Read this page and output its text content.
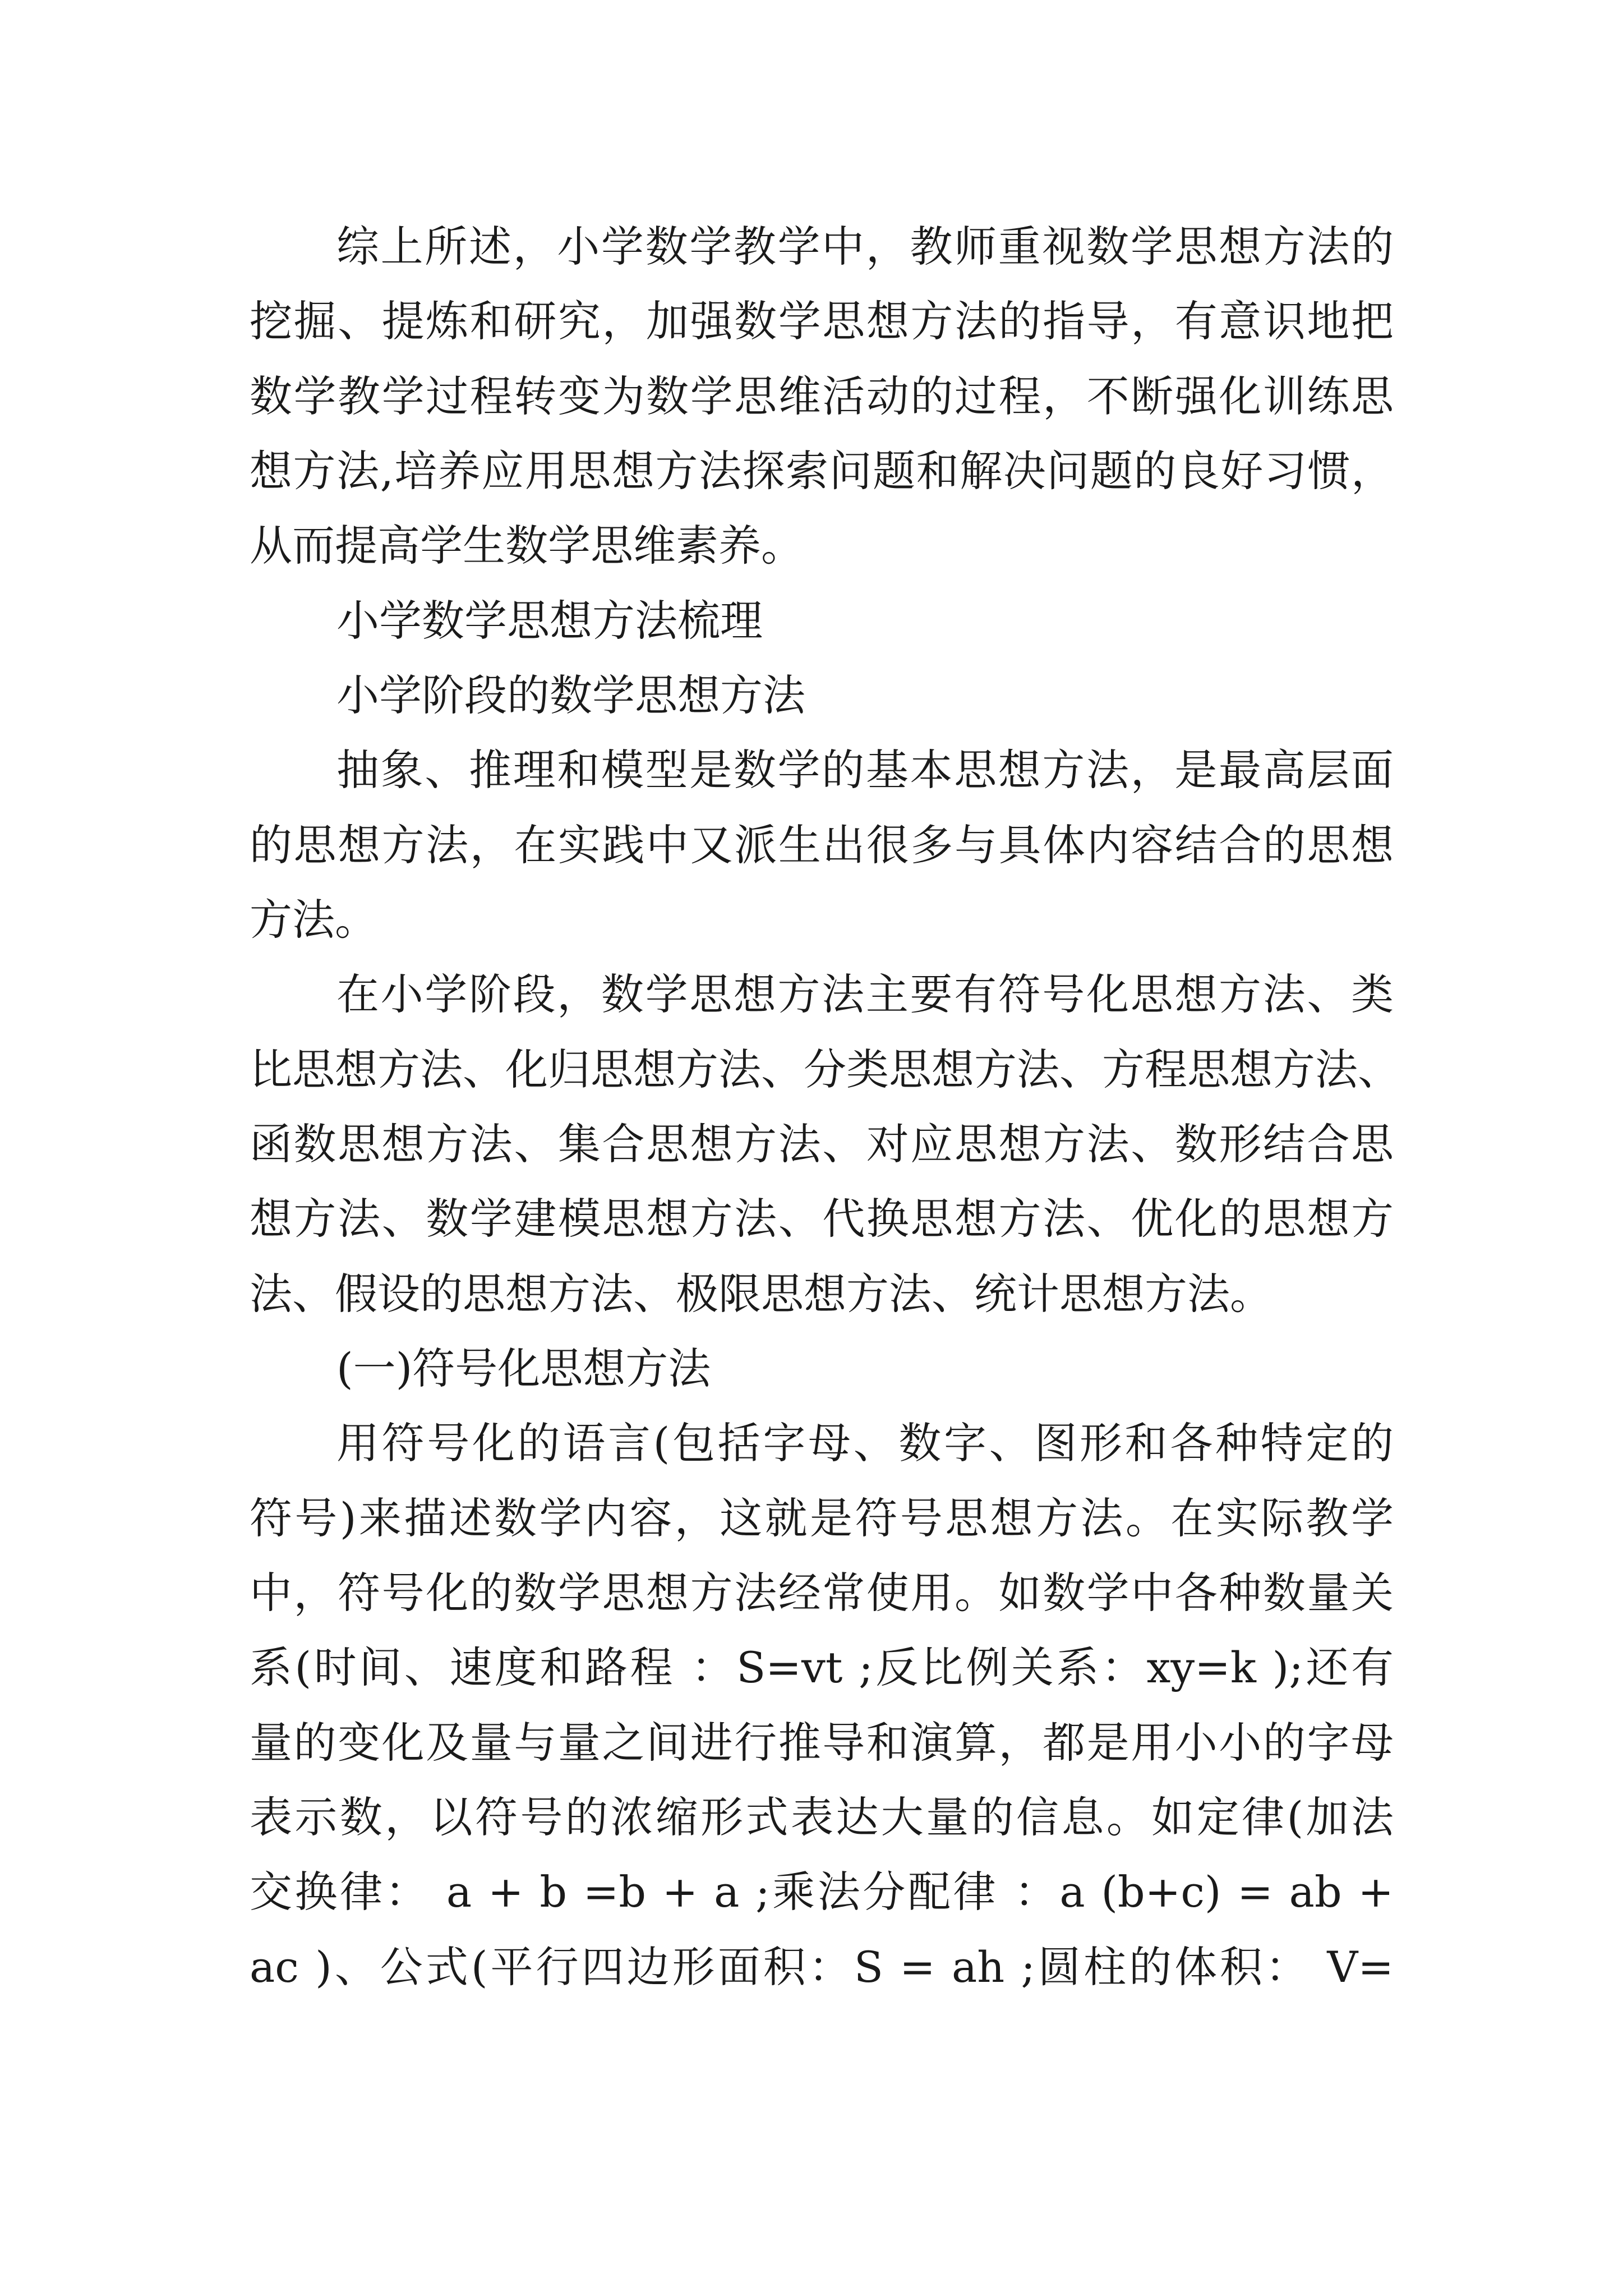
综上所述，小学数学教学中，教师重视数学思想方法的
挖掘、提炼和研究，加强数学思想方法的指导，有意识地把
数学教学过程转变为数学思维活动的过程，不断强化训练思
想方法,培养应用思想方法探索问题和解决问题的良好习惯，
从而提高学生数学思维素养。
小学数学思想方法梳理
小学阶段的数学思想方法
抽象、推理和模型是数学的基本思想方法，是最高层面
的思想方法，在实践中又派生出很多与具体内容结合的思想
方法。
在小学阶段，数学思想方法主要有符号化思想方法、类
比思想方法、化归思想方法、分类思想方法、方程思想方法、
函数思想方法、集合思想方法、对应思想方法、数形结合思
想方法、数学建模思想方法、代换思想方法、优化的思想方
法、假设的思想方法、极限思想方法、统计思想方法。
(一)符号化思想方法
用符号化的语言(包括字母、数字、图形和各种特定的
符号)来描述数学内容，这就是符号思想方法。在实际教学
中，符号化的数学思想方法经常使用。如数学中各种数量关
系(时间、速度和路程 ：S=vt ;反比例关系：xy=k );还有
量的变化及量与量之间进行推导和演算，都是用小小的字母
表示数，以符号的浓缩形式表达大量的信息。如定律(加法
交换律： a + b =b + a ;乘法分配律 ：a (b+c) = ab +
ac )、公式(平行四边形面积：S = ah ;圆柱的体积： V=
